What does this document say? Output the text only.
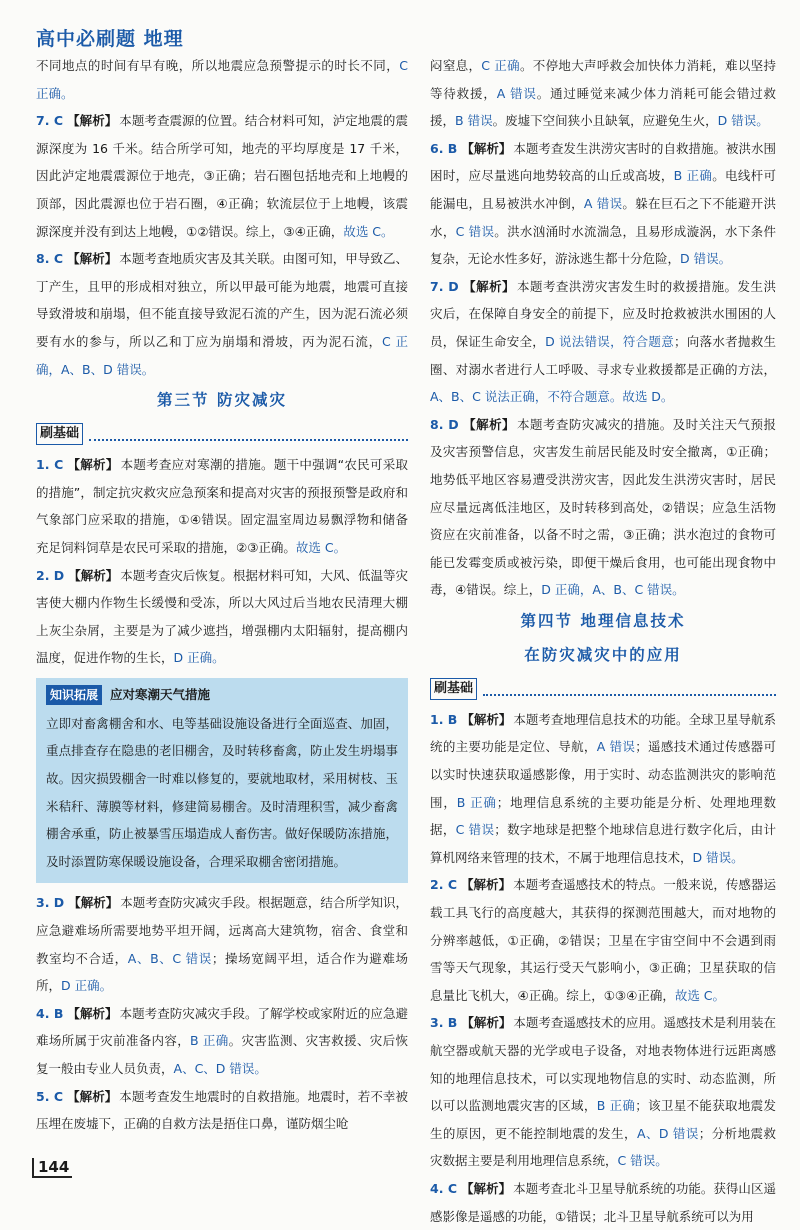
高中必刷题 地理

不同地点的时间有早有晚，所以地震应急预警提示的时长不同，C 正确。

7. C 【解析】 本题考查震源的位置。结合材料可知，泸定地震的震源深度为 16 千米。结合所学可知，地壳的平均厚度是 17 千米，因此泸定地震震源位于地壳，③正确；岩石圈包括地壳和上地幔的顶部，因此震源也位于岩石圈，④正确；软流层位于上地幔，该震源深度并没有到达上地幔，①②错误。综上，③④正确，故选 C。

8. C 【解析】 本题考查地质灾害及其关联。由图可知，甲导致乙、丁产生，且甲的形成相对独立，所以甲最可能为地震，地震可直接导致滑坡和崩塌，但不能直接导致泥石流的产生，因为泥石流必须要有水的参与，所以乙和丁应为崩塌和滑坡，丙为泥石流，C 正确，A、B、D 错误。

第三节 防灾减灾
刷基础

1. C 【解析】 本题考查应对寒潮的措施。题干中强调“农民可采取的措施”，制定抗灾救灾应急预案和提高对灾害的预报预警是政府和气象部门应采取的措施，①④错误。固定温室周边易飘浮物和储备充足饲料饲草是农民可采取的措施，②③正确。故选 C。

2. D 【解析】 本题考查灾后恢复。根据材料可知，大风、低温等灾害使大棚内作物生长缓慢和受冻，所以大风过后当地农民清理大棚上灰尘杂屑，主要是为了减少遮挡，增强棚内太阳辐射，提高棚内温度，促进作物的生长，D 正确。

知识拓展 应对寒潮天气措施

立即对畜禽棚舍和水、电等基础设施设备进行全面巡查、加固，重点排查存在隐患的老旧棚舍，及时转移畜禽，防止发生坍塌事故。因灾损毁棚舍一时难以修复的，要就地取材，采用树枝、玉米秸秆、薄膜等材料，修建简易棚舍。及时清理积雪，减少畜禽棚舍承重，防止被暴雪压塌造成人畜伤害。做好保暖防冻措施，及时添置防寒保暖设施设备，合理采取棚舍密闭措施。

3. D 【解析】 本题考查防灾减灾手段。根据题意，结合所学知识，应急避难场所需要地势平坦开阔，远离高大建筑物，宿舍、食堂和教室均不合适，A、B、C 错误；操场宽阔平坦，适合作为避难场所，D 正确。

4. B 【解析】 本题考查防灾减灾手段。了解学校或家附近的应急避难场所属于灾前准备内容，B 正确。灾害监测、灾害救援、灾后恢复一般由专业人员负责，A、C、D 错误。

5. C 【解析】 本题考查发生地震时的自救措施。地震时，若不幸被压埋在废墟下，正确的自救方法是捂住口鼻，谨防烟尘呛

闷窒息，C 正确。不停地大声呼救会加快体力消耗，难以坚持等待救援，A 错误。通过睡觉来减少体力消耗可能会错过救援，B 错误。废墟下空间狭小且缺氧，应避免生火，D 错误。

6. B 【解析】 本题考查发生洪涝灾害时的自救措施。被洪水围困时，应尽量逃向地势较高的山丘或高坡，B 正确。电线杆可能漏电，且易被洪水冲倒，A 错误。躲在巨石之下不能避开洪水，C 错误。洪水汹涌时水流湍急，且易形成漩涡，水下条件复杂，无论水性多好，游泳逃生都十分危险，D 错误。

7. D 【解析】 本题考查洪涝灾害发生时的救援措施。发生洪灾后，在保障自身安全的前提下，应及时抢救被洪水围困的人员，保证生命安全，D 说法错误，符合题意；向落水者抛救生圈、对溺水者进行人工呼吸、寻求专业救援都是正确的方法，A、B、C 说法正确，不符合题意。故选 D。

8. D 【解析】 本题考查防灾减灾的措施。及时关注天气预报及灾害预警信息，灾害发生前居民能及时安全撤离，①正确；地势低平地区容易遭受洪涝灾害，因此发生洪涝灾害时，居民应尽量远离低洼地区，及时转移到高处，②错误；应急生活物资应在灾前准备，以备不时之需，③正确；洪水泡过的食物可能已发霉变质或被污染，即便干燥后食用，也可能出现食物中毒，④错误。综上，D 正确，A、B、C 错误。

第四节 地理信息技术
在防灾减灾中的应用
刷基础

1. B 【解析】 本题考查地理信息技术的功能。全球卫星导航系统的主要功能是定位、导航，A 错误；遥感技术通过传感器可以实时快速获取遥感影像，用于实时、动态监测洪灾的影响范围，B 正确；地理信息系统的主要功能是分析、处理地理数据，C 错误；数字地球是把整个地球信息进行数字化后，由计算机网络来管理的技术，不属于地理信息技术，D 错误。

2. C 【解析】 本题考查遥感技术的特点。一般来说，传感器运载工具飞行的高度越大，其获得的探测范围越大，而对地物的分辨率越低，①正确，②错误；卫星在宇宙空间中不会遇到雨雪等天气现象，其运行受天气影响小，③正确；卫星获取的信息量比飞机大，④正确。综上，①③④正确，故选 C。

3. B 【解析】 本题考查遥感技术的应用。遥感技术是利用装在航空器或航天器的光学或电子设备，对地表物体进行远距离感知的地理信息技术，可以实现地物信息的实时、动态监测，所以可以监测地震灾害的区域，B 正确；该卫星不能获取地震发生的原因，更不能控制地震的发生，A、D 错误；分析地震救灾数据主要是利用地理信息系统，C 错误。

4. C 【解析】 本题考查北斗卫星导航系统的功能。获得山区遥感影像是遥感的功能，①错误；北斗卫星导航系统可以为用

144
